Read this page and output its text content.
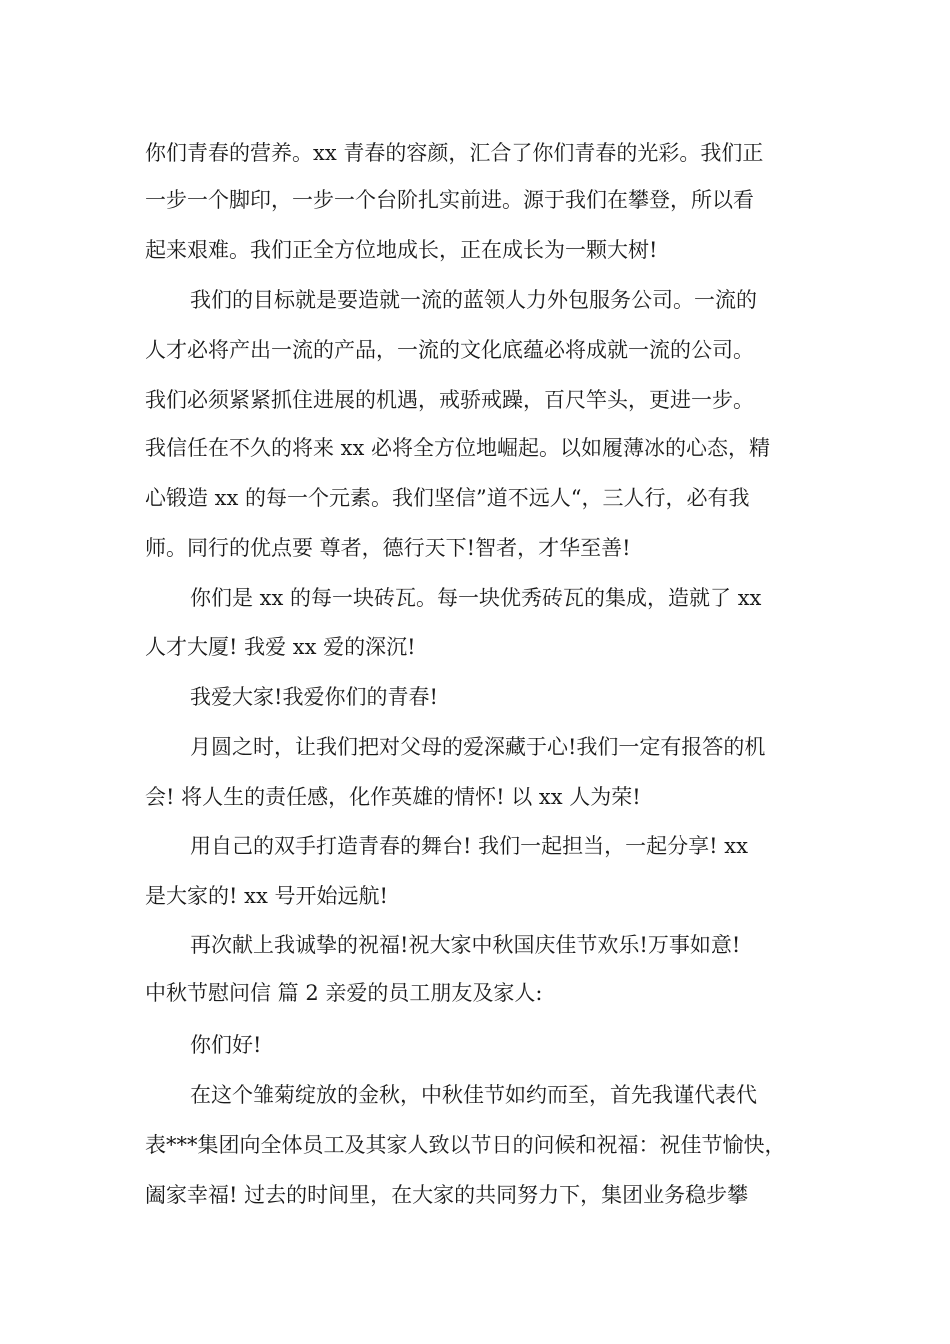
你们青春的营养。xx 青春的容颜，汇合了你们青春的光彩。我们正
一步一个脚印，一步一个台阶扎实前进。源于我们在攀登，所以看
起来艰难。我们正全方位地成长，正在成长为一颗大树!
我们的目标就是要造就一流的蓝领人力外包服务公司。一流的
人才必将产出一流的产品，一流的文化底蕴必将成就一流的公司。
我们必须紧紧抓住进展的机遇，戒骄戒躁，百尺竿头，更进一步。
我信任在不久的将来 xx 必将全方位地崛起。以如履薄冰的心态，精
心锻造 xx 的每一个元素。我们坚信”道不远人“，三人行，必有我
师。同行的优点要 尊者，德行天下!智者，才华至善!
你们是 xx 的每一块砖瓦。每一块优秀砖瓦的集成，造就了 xx
人才大厦! 我爱 xx 爱的深沉!
我爱大家!我爱你们的青春!
月圆之时，让我们把对父母的爱深藏于心!我们一定有报答的机
会! 将人生的责任感，化作英雄的情怀! 以 xx 人为荣!
用自己的双手打造青春的舞台! 我们一起担当，一起分享! xx
是大家的! xx 号开始远航!
再次献上我诚挚的祝福!祝大家中秋国庆佳节欢乐!万事如意!
中秋节慰问信 篇 2 亲爱的员工朋友及家人:
你们好!
在这个雏菊绽放的金秋，中秋佳节如约而至，首先我谨代表代
表***集团向全体员工及其家人致以节日的问候和祝福：祝佳节愉快，
阖家幸福! 过去的时间里，在大家的共同努力下，集团业务稳步攀
